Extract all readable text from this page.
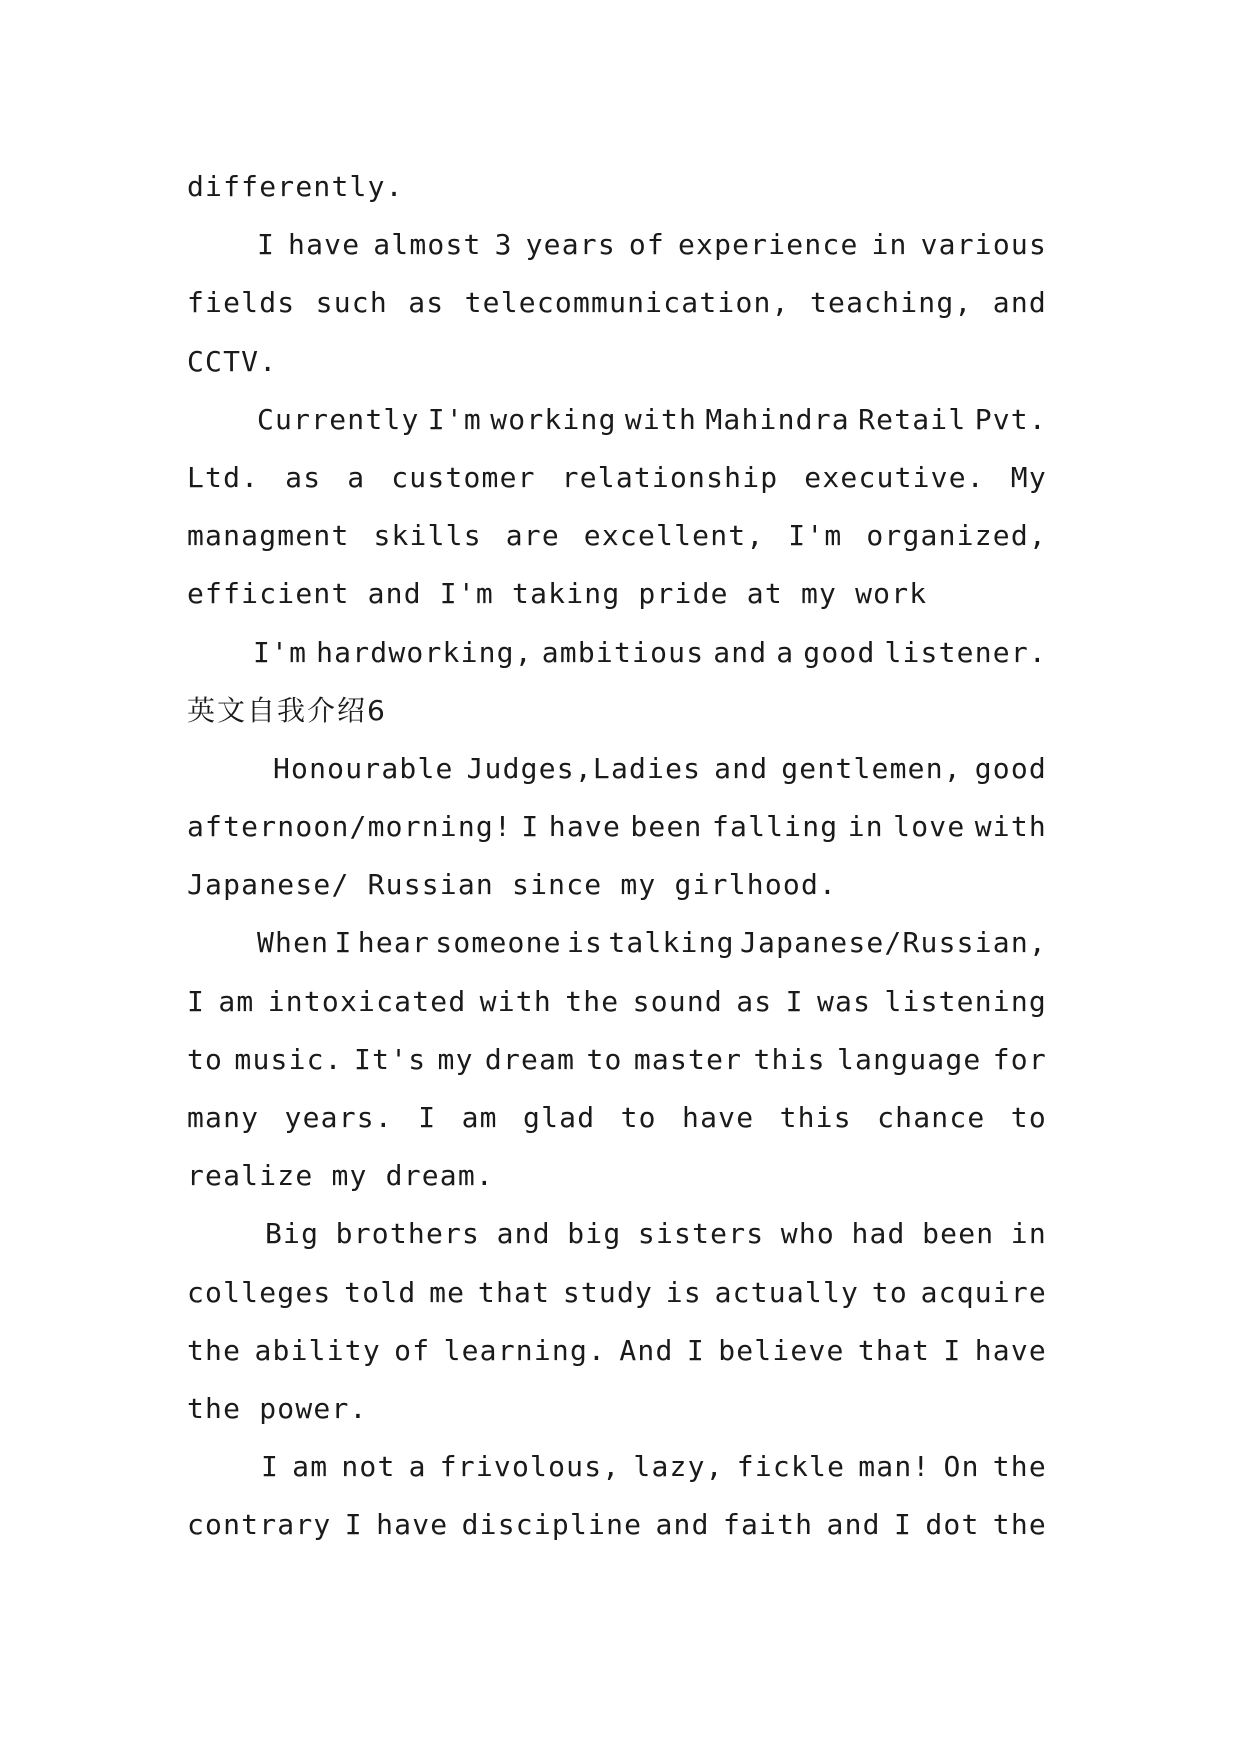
differently.
I have almost 3 years of experience in various
fields such as telecommunication, teaching, and
CCTV.
Currently I'm working with Mahindra Retail Pvt.
Ltd. as a customer relationship executive. My
managment skills are excellent, I'm organized,
efficient and I'm taking pride at my work
I'm hardworking, ambitious and a good listener.
英文自我介绍6
Honourable Judges,Ladies and gentlemen, good
afternoon/morning! I have been falling in love with
Japanese/ Russian since my girlhood.
When I hear someone is talking Japanese/Russian,
I am intoxicated with the sound as I was listening
to music. It's my dream to master this language for
many years. I am glad to have this chance to
realize my dream.
Big brothers and big sisters who had been in
colleges told me that study is actually to acquire
the ability of learning. And I believe that I have
the power.
I am not a frivolous, lazy, fickle man! On the
contrary I have discipline and faith and I dot the
